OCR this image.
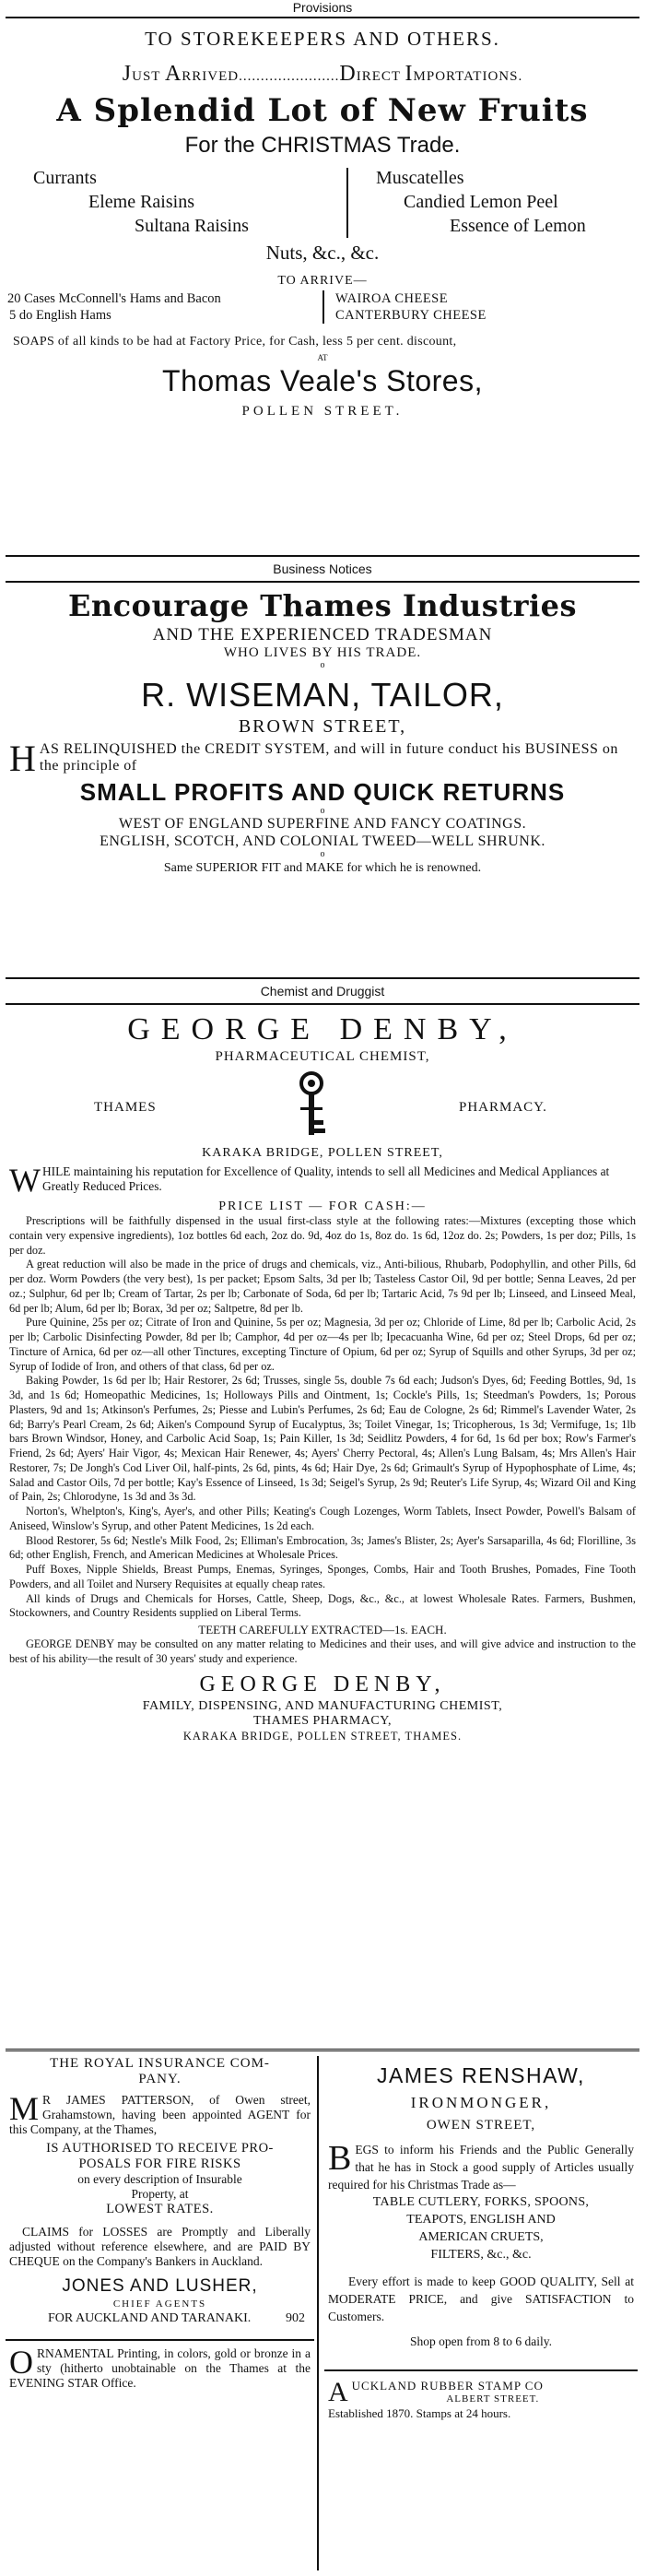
Provisions
TO STOREKEEPERS AND OTHERS.
JUST ARRIVED.......................DIRECT IMPORTATIONS.
A Splendid Lot of New Fruits
For the CHRISTMAS Trade.
Currants
Eleme Raisins
Sultana Raisins
Muscatelles
Candied Lemon Peel
Essence of Lemon
Nuts, &c., &c.
TO ARRIVE—
20 Cases McConnell's Hams and Bacon
5 do English Hams
WAIROA CHEESE
CANTERBURY CHEESE
SOAPS of all kinds to be had at Factory Price, for Cash, less 5 per cent. discount,
AT
Thomas Veale's Stores,
POLLEN STREET.
Business Notices
Encourage Thames Industries
AND THE EXPERIENCED TRADESMAN
WHO LIVES BY HIS TRADE.
o
R. WISEMAN, TAILOR,
BROWN STREET,
HAS RELINQUISHED the CREDIT SYSTEM, and will in future conduct his BUSINESS on the principle of
SMALL PROFITS AND QUICK RETURNS
o
WEST OF ENGLAND SUPERFINE AND FANCY COATINGS.
ENGLISH, SCOTCH, AND COLONIAL TWEED—WELL SHRUNK.
o
Same SUPERIOR FIT and MAKE for which he is renowned.
Chemist and Druggist
GEORGE DENBY,
PHARMACEUTICAL CHEMIST,
THAMES	PHARMACY.
KARAKA BRIDGE, POLLEN STREET,
WHILE maintaining his reputation for Excellence of Quality, intends to sell all Medicines and Medical Appliances at Greatly Reduced Prices.
PRICE LIST — FOR CASH:—

Prescriptions will be faithfully dispensed in the usual first-class style at the following rates:—Mixtures (excepting those which contain very expensive ingredients), 1oz bottles 6d each, 2oz do. 9d, 4oz do 1s, 8oz do. 1s 6d, 12oz do. 2s; Powders, 1s per doz; Pills, 1s per doz.

A great reduction will also be made in the price of drugs and chemicals, viz., Anti-bilious, Rhubarb, Podophyllin, and other Pills, 6d per doz. Worm Powders (the very best), 1s per packet; Epsom Salts, 3d per lb; Tasteless Castor Oil, 9d per bottle; Senna Leaves, 2d per oz.; Sulphur, 6d per lb; Cream of Tartar, 2s per lb; Carbonate of Soda, 6d per lb; Tartaric Acid, 7s 9d per lb; Linseed, and Linseed Meal, 6d per lb; Alum, 6d per lb; Borax, 3d per oz; Saltpetre, 8d per lb.

Pure Quinine, 25s per oz; Citrate of Iron and Quinine, 5s per oz; Magnesia, 3d per oz; Chloride of Lime, 8d per lb; Carbolic Acid, 2s per lb; Carbolic Disinfecting Powder, 8d per lb; Camphor, 4d per oz—4s per lb; Ipecacuanha Wine, 6d per oz; Steel Drops, 6d per oz; Tincture of Arnica, 6d per oz—all other Tinctures, excepting Tincture of Opium, 6d per oz; Syrup of Squills and other Syrups, 3d per oz; Syrup of Iodide of Iron, and others of that class, 6d per oz.

Baking Powder, 1s 6d per lb; Hair Restorer, 2s 6d; Trusses, single 5s, double 7s 6d each; Judson's Dyes, 6d; Feeding Bottles, 9d, 1s 3d, and 1s 6d; Homeopathic Medicines, 1s; Holloways Pills and Ointment, 1s; Cockle's Pills, 1s; Steedman's Powders, 1s; Porous Plasters, 9d and 1s; Atkinson's Perfumes, 2s; Piesse and Lubin's Perfumes, 2s 6d; Eau de Cologne, 2s 6d; Rimmel's Lavender Water, 2s 6d; Barry's Pearl Cream, 2s 6d; Aiken's Compound Syrup of Eucalyptus, 3s; Toilet Vinegar, 1s; Tricopherous, 1s 3d; Vermifuge, 1s; 1lb bars Brown Windsor, Honey, and Carbolic Acid Soap, 1s; Pain Killer, 1s 3d; Seidlitz Powders, 4 for 6d, 1s 6d per box; Row's Farmer's Friend, 2s 6d; Ayers' Hair Vigor, 4s; Mexican Hair Renewer, 4s; Ayers' Cherry Pectoral, 4s; Allen's Lung Balsam, 4s; Mrs Allen's Hair Restorer, 7s; De Jongh's Cod Liver Oil, half-pints, 2s 6d, pints, 4s 6d; Hair Dye, 2s 6d; Grimault's Syrup of Hypophosphate of Lime, 4s; Salad and Castor Oils, 7d per bottle; Kay's Essence of Linseed, 1s 3d; Seigel's Syrup, 2s 9d; Reuter's Life Syrup, 4s; Wizard Oil and King of Pain, 2s; Chlorodyne, 1s 3d and 3s 3d.

Norton's, Whelpton's, King's, Ayer's, and other Pills; Keating's Cough Lozenges, Worm Tablets, Insect Powder, Powell's Balsam of Aniseed, Winslow's Syrup, and other Patent Medicines, 1s 2d each.

Blood Restorer, 5s 6d; Nestle's Milk Food, 2s; Elliman's Embrocation, 3s; James's Blister, 2s; Ayer's Sarsaparilla, 4s 6d; Florilline, 3s 6d; other English, French, and American Medicines at Wholesale Prices.

Puff Boxes, Nipple Shields, Breast Pumps, Enemas, Syringes, Sponges, Combs, Hair and Tooth Brushes, Pomades, Fine Tooth Powders, and all Toilet and Nursery Requisites at equally cheap rates.

All kinds of Drugs and Chemicals for Horses, Cattle, Sheep, Dogs, &c., &c., at lowest Wholesale Rates. Farmers, Bushmen, Stockowners, and Country Residents supplied on Liberal Terms.

TEETH CAREFULLY EXTRACTED—1s. EACH.

GEORGE DENBY may be consulted on any matter relating to Medicines and their uses, and will give advice and instruction to the best of his ability—the result of 30 years' study and experience.

GEORGE DENBY,
FAMILY, DISPENSING, AND MANUFACTURING CHEMIST,
THAMES PHARMACY,
KARAKA BRIDGE, POLLEN STREET, THAMES.
THE ROYAL INSURANCE COM-
PANY.
M R JAMES PATTERSON, of Owen street, Grahamstown, having been appointed AGENT for this Company, at the Thames,
IS AUTHORISED TO RECEIVE PRO-
POSALS FOR FIRE RISKS
on every description of Insurable
Property, at
LOWEST RATES.
CLAIMS for LOSSES are Promptly and Liberally adjusted without reference elsewhere, and are PAID BY CHEQUE on the Company's Bankers in Auckland.
JONES AND LUSHER,
CHIEF AGENTS
FOR AUCKLAND AND TARANAKI.	902
ORNAMENTAL Printing, in colors, gold or bronze in a sty (hitherto unobtainable on the Thames at the EVENING STAR Office.
JAMES RENSHAW,
IRONMONGER,
OWEN STREET,
BEGS to inform his Friends and the Public Generally that he has in Stock a good supply of Articles usually required for his Christmas Trade as—
TABLE CUTLERY, FORKS, SPOONS,
TEAPOTS, ENGLISH AND
AMERICAN CRUETS,
FILTERS, &c., &c.
Every effort is made to keep GOOD QUALITY, Sell at MODERATE PRICE, and give SATISFACTION to Customers.
Shop open from 8 to 6 daily.
AUCKLAND RUBBER STAMP CO

ALBERT STREET.
Established 1870. Stamps at 24 hours.
